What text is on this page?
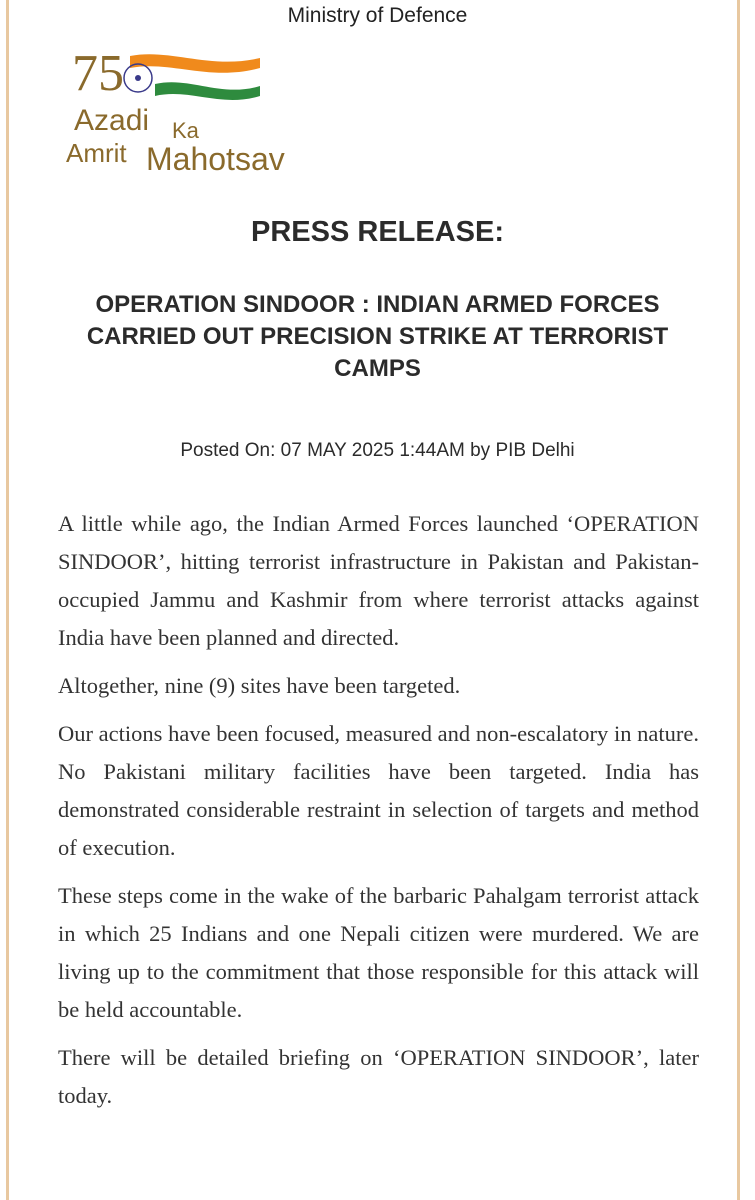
Ministry of Defence
75
Azadi Ka
Amrit Mahotsav
PRESS RELEASE:
OPERATION SINDOOR : INDIAN ARMED FORCES CARRIED OUT PRECISION STRIKE AT TERRORIST CAMPS
Posted On: 07 MAY 2025 1:44AM by PIB Delhi

A little while ago, the Indian Armed Forces launched ‘OPERATION SINDOOR’, hitting terrorist infrastructure in Pakistan and Pakistan-occupied Jammu and Kashmir from where terrorist attacks against India have been planned and directed.

Altogether, nine (9) sites have been targeted.

Our actions have been focused, measured and non-escalatory in nature. No Pakistani military facilities have been targeted. India has demonstrated considerable restraint in selection of targets and method of execution.

These steps come in the wake of the barbaric Pahalgam terrorist attack in which 25 Indians and one Nepali citizen were murdered. We are living up to the commitment that those responsible for this attack will be held accountable.

There will be detailed briefing on ‘OPERATION SINDOOR’, later today.
